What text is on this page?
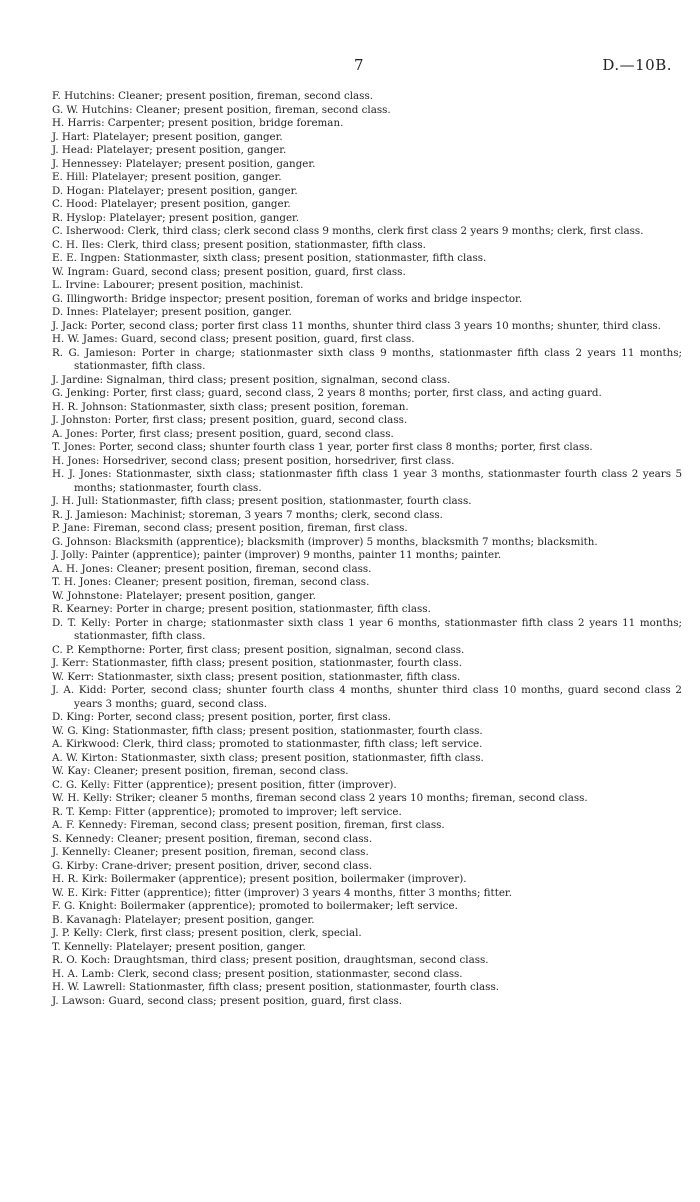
7	D.—10B.
F. Hutchins: Cleaner; present position, fireman, second class.
G. W. Hutchins: Cleaner; present position, fireman, second class.
H. Harris: Carpenter; present position, bridge foreman.
J. Hart: Platelayer; present position, ganger.
J. Head: Platelayer; present position, ganger.
J. Hennessey: Platelayer; present position, ganger.
E. Hill: Platelayer; present position, ganger.
D. Hogan: Platelayer; present position, ganger.
C. Hood: Platelayer; present position, ganger.
R. Hyslop: Platelayer; present position, ganger.
C. Isherwood: Clerk, third class; clerk second class 9 months, clerk first class 2 years 9 months; clerk, first class.
C. H. Iles: Clerk, third class; present position, stationmaster, fifth class.
E. E. Ingpen: Stationmaster, sixth class; present position, stationmaster, fifth class.
W. Ingram: Guard, second class; present position, guard, first class.
L. Irvine: Labourer; present position, machinist.
G. Illingworth: Bridge inspector; present position, foreman of works and bridge inspector.
D. Innes: Platelayer; present position, ganger.
J. Jack: Porter, second class; porter first class 11 months, shunter third class 3 years 10 months; shunter, third class.
H. W. James: Guard, second class; present position, guard, first class.
R. G. Jamieson: Porter in charge; stationmaster sixth class 9 months, stationmaster fifth class 2 years 11 months; stationmaster, fifth class.
J. Jardine: Signalman, third class; present position, signalman, second class.
G. Jenking: Porter, first class; guard, second class, 2 years 8 months; porter, first class, and acting guard.
H. R. Johnson: Stationmaster, sixth class; present position, foreman.
J. Johnston: Porter, first class; present position, guard, second class.
A. Jones: Porter, first class; present position, guard, second class.
T. Jones: Porter, second class; shunter fourth class 1 year, porter first class 8 months; porter, first class.
H. Jones: Horsedriver, second class; present position, horsedriver, first class.
H. J. Jones: Stationmaster, sixth class; stationmaster fifth class 1 year 3 months, stationmaster fourth class 2 years 5 months; stationmaster, fourth class.
J. H. Jull: Stationmaster, fifth class; present position, stationmaster, fourth class.
R. J. Jamieson: Machinist; storeman, 3 years 7 months; clerk, second class.
P. Jane: Fireman, second class; present position, fireman, first class.
G. Johnson: Blacksmith (apprentice); blacksmith (improver) 5 months, blacksmith 7 months; blacksmith.
J. Jolly: Painter (apprentice); painter (improver) 9 months, painter 11 months; painter.
A. H. Jones: Cleaner; present position, fireman, second class.
T. H. Jones: Cleaner; present position, fireman, second class.
W. Johnstone: Platelayer; present position, ganger.
R. Kearney: Porter in charge; present position, stationmaster, fifth class.
D. T. Kelly: Porter in charge; stationmaster sixth class 1 year 6 months, stationmaster fifth class 2 years 11 months; stationmaster, fifth class.
C. P. Kempthorne: Porter, first class; present position, signalman, second class.
J. Kerr: Stationmaster, fifth class; present position, stationmaster, fourth class.
W. Kerr: Stationmaster, sixth class; present position, stationmaster, fifth class.
J. A. Kidd: Porter, second class; shunter fourth class 4 months, shunter third class 10 months, guard second class 2 years 3 months; guard, second class.
D. King: Porter, second class; present position, porter, first class.
W. G. King: Stationmaster, fifth class; present position, stationmaster, fourth class.
A. Kirkwood: Clerk, third class; promoted to stationmaster, fifth class; left service.
A. W. Kirton: Stationmaster, sixth class; present position, stationmaster, fifth class.
W. Kay: Cleaner; present position, fireman, second class.
C. G. Kelly: Fitter (apprentice); present position, fitter (improver).
W. H. Kelly: Striker; cleaner 5 months, fireman second class 2 years 10 months; fireman, second class.
R. T. Kemp: Fitter (apprentice); promoted to improver; left service.
A. F. Kennedy: Fireman, second class; present position, fireman, first class.
S. Kennedy: Cleaner; present position, fireman, second class.
J. Kennelly: Cleaner; present position, fireman, second class.
G. Kirby: Crane-driver; present position, driver, second class.
H. R. Kirk: Boilermaker (apprentice); present position, boilermaker (improver).
W. E. Kirk: Fitter (apprentice); fitter (improver) 3 years 4 months, fitter 3 months; fitter.
F. G. Knight: Boilermaker (apprentice); promoted to boilermaker; left service.
B. Kavanagh: Platelayer; present position, ganger.
J. P. Kelly: Clerk, first class; present position, clerk, special.
T. Kennelly: Platelayer; present position, ganger.
R. O. Koch: Draughtsman, third class; present position, draughtsman, second class.
H. A. Lamb: Clerk, second class; present position, stationmaster, second class.
H. W. Lawrell: Stationmaster, fifth class; present position, stationmaster, fourth class.
J. Lawson: Guard, second class; present position, guard, first class.
